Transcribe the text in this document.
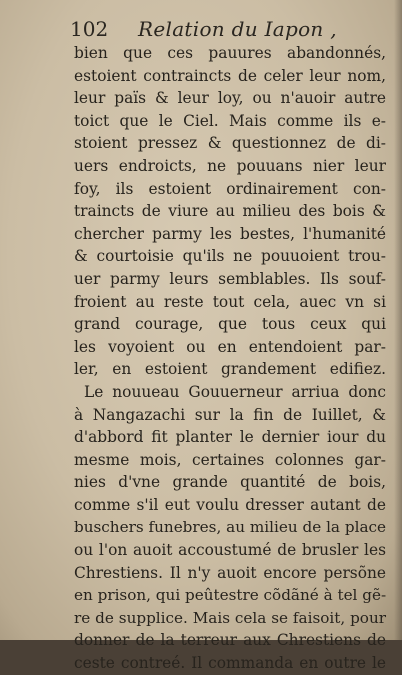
102 Relation du Iapon ,
bien que ces pauures abandonnés,
estoient contraincts de celer leur nom,
leur païs & leur loy, ou n'auoir autre
toict que le Ciel. Mais comme ils e-
stoient pressez & questionnez de di-
uers endroicts, ne pouuans nier leur
foy, ils estoient ordinairement con-
traincts de viure au milieu des bois &
chercher parmy les bestes, l'humanité
& courtoisie qu'ils ne pouuoient trou-
uer parmy leurs semblables. Ils souf-
froient au reste tout cela, auec vn si
grand courage, que tous ceux qui
les voyoient ou en entendoient par-
ler, en estoient grandement edifiez.
Le nouueau Gouuerneur arriua donc
à Nangazachi sur la fin de Iuillet, &
d'abbord fit planter le dernier iour du
mesme mois, certaines colonnes gar-
nies d'vne grande quantité de bois,
comme s'il eut voulu dresser autant de
buschers funebres, au milieu de la place
ou l'on auoit accoustumé de brusler les
Chrestiens. Il n'y auoit encore persõne
en prison, qui peûtestre cõdãné à tel gẽ-
re de supplice. Mais cela se faisoit, pour
donner de la terreur aux Chrestiens de
ceste contreé. Il commanda en outre le
